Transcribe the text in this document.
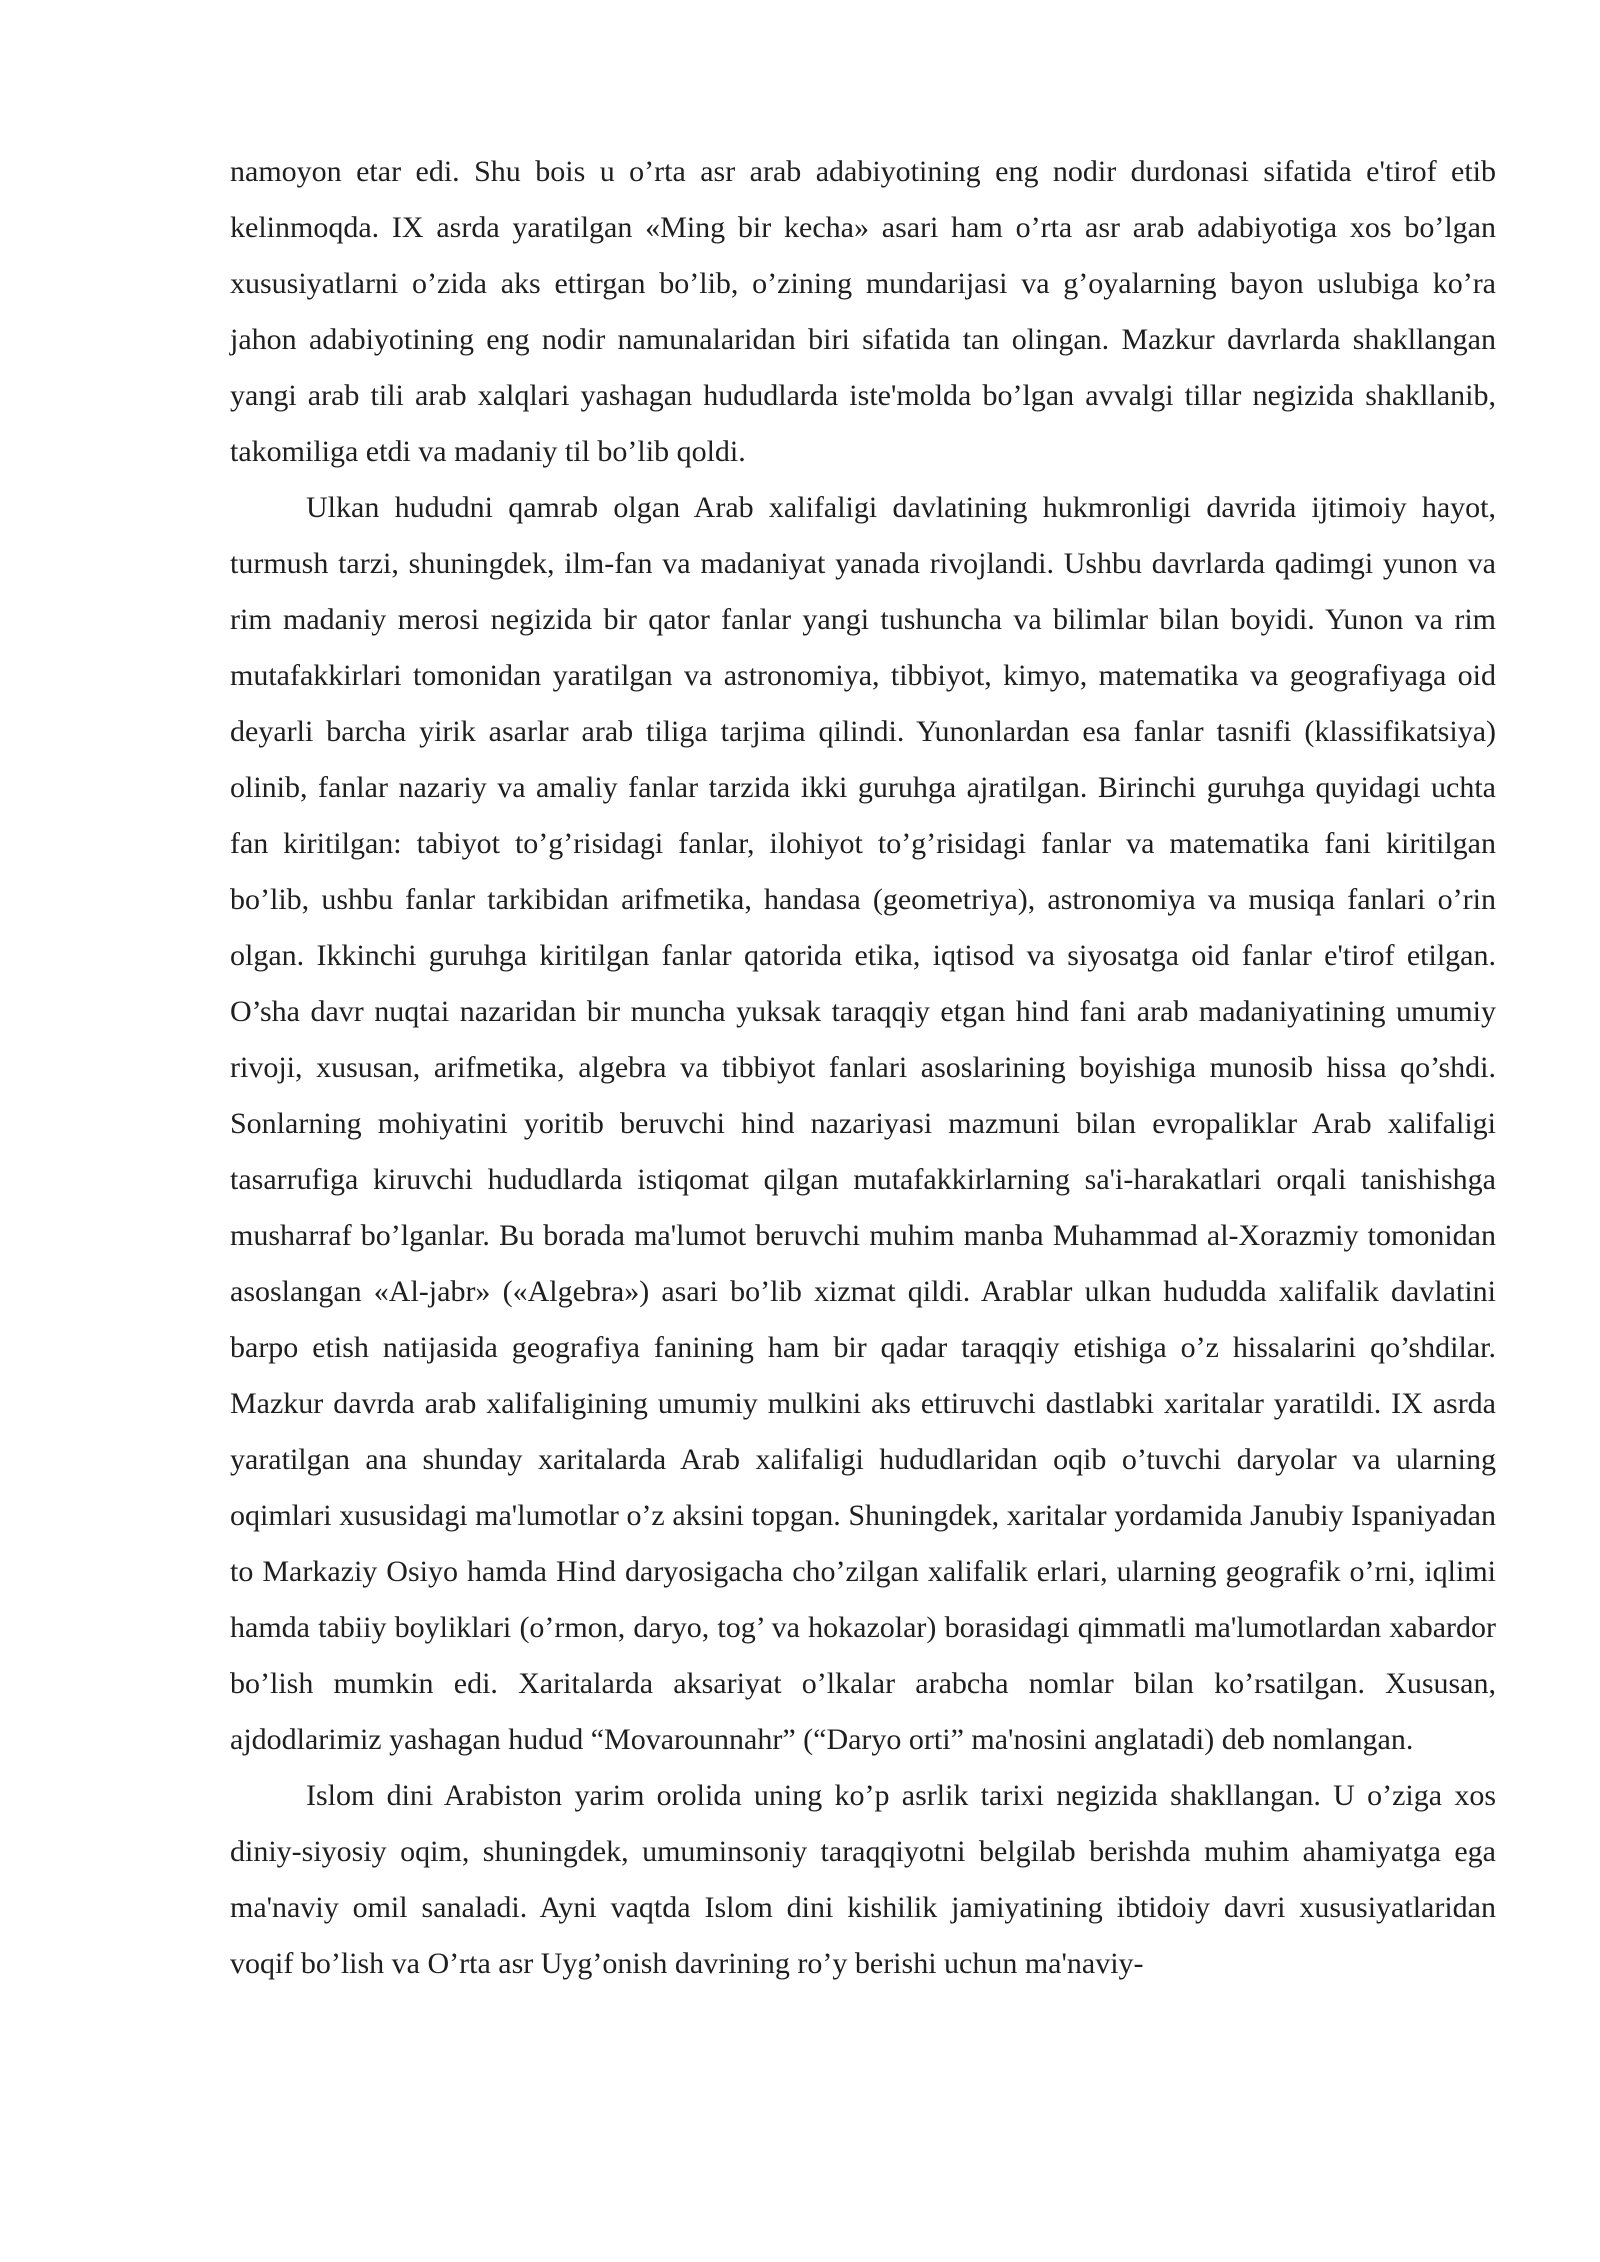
namoyon etar edi. Shu bois u o’rta asr arab adabiyotining eng nodir durdonasi sifatida e'tirof etib kelinmoqda. IX asrda yaratilgan «Ming bir kecha» asari ham o’rta asr arab adabiyotiga xos bo’lgan xususiyatlarni o’zida aks ettirgan bo’lib, o’zining mundarijasi va g’oyalarning bayon uslubiga ko’ra jahon adabiyotining eng nodir namunalaridan biri sifatida tan olingan. Mazkur davrlarda shakllangan yangi arab tili arab xalqlari yashagan hududlarda iste'molda bo’lgan avvalgi tillar negizida shakllanib, takomiliga etdi va madaniy til bo’lib qoldi.

Ulkan hududni qamrab olgan Arab xalifaligi davlatining hukmronligi davrida ijtimoiy hayot, turmush tarzi, shuningdek, ilm-fan va madaniyat yanada rivojlandi. Ushbu davrlarda qadimgi yunon va rim madaniy merosi negizida bir qator fanlar yangi tushuncha va bilimlar bilan boyidi. Yunon va rim mutafakkirlari tomonidan yaratilgan va astronomiya, tibbiyot, kimyo, matematika va geografiyaga oid deyarli barcha yirik asarlar arab tiliga tarjima qilindi. Yunonlardan esa fanlar tasnifi (klassifikatsiya) olinib, fanlar nazariy va amaliy fanlar tarzida ikki guruhga ajratilgan. Birinchi guruhga quyidagi uchta fan kiritilgan: tabiyot to’g’risidagi fanlar, ilohiyot to’g’risidagi fanlar va matematika fani kiritilgan bo’lib, ushbu fanlar tarkibidan arifmetika, handasa (geometriya), astronomiya va musiqa fanlari o’rin olgan. Ikkinchi guruhga kiritilgan fanlar qatorida etika, iqtisod va siyosatga oid fanlar e'tirof etilgan. O’sha davr nuqtai nazaridan bir muncha yuksak taraqqiy etgan hind fani arab madaniyatining umumiy rivoji, xususan, arifmetika, algebra va tibbiyot fanlari asoslarining boyishiga munosib hissa qo’shdi. Sonlarning mohiyatini yoritib beruvchi hind nazariyasi mazmuni bilan evropaliklar Arab xalifaligi tasarrufiga kiruvchi hududlarda istiqomat qilgan mutafakkirlarning sa'i-harakatlari orqali tanishishga musharraf bo’lganlar. Bu borada ma'lumot beruvchi muhim manba Muhammad al-Xorazmiy tomonidan asoslangan «Al-jabr» («Algebra») asari bo’lib xizmat qildi. Arablar ulkan hududda xalifalik davlatini barpo etish natijasida geografiya fanining ham bir qadar taraqqiy etishiga o’z hissalarini qo’shdilar. Mazkur davrda arab xalifaligining umumiy mulkini aks ettiruvchi dastlabki xaritalar yaratildi. IX asrda yaratilgan ana shunday xaritalarda Arab xalifaligi hududlaridan oqib o’tuvchi daryolar va ularning oqimlari xususidagi ma'lumotlar o’z aksini topgan. Shuningdek, xaritalar yordamida Janubiy Ispaniyadan to Markaziy Osiyo hamda Hind daryosigacha cho’zilgan xalifalik erlari, ularning geografik o’rni, iqlimi hamda tabiiy boyliklari (o’rmon, daryo, tog’ va hokazolar) borasidagi qimmatli ma'lumotlardan xabardor bo’lish mumkin edi. Xaritalarda aksariyat o’lkalar arabcha nomlar bilan ko’rsatilgan. Xususan, ajdodlarimiz yashagan hudud “Movarounnahr” (“Daryo orti” ma'nosini anglatadi) deb nomlangan.

Islom dini Arabiston yarim orolida uning ko’p asrlik tarixi negizida shakllangan. U o’ziga xos diniy-siyosiy oqim, shuningdek, umuminsoniy taraqqiyotni belgilab berishda muhim ahamiyatga ega ma'naviy omil sanaladi. Ayni vaqtda Islom dini kishilik jamiyatining ibtidoiy davri xususiyatlaridan voqif bo’lish va O’rta asr Uyg’onish davrining ro’y berishi uchun ma'naviy-
